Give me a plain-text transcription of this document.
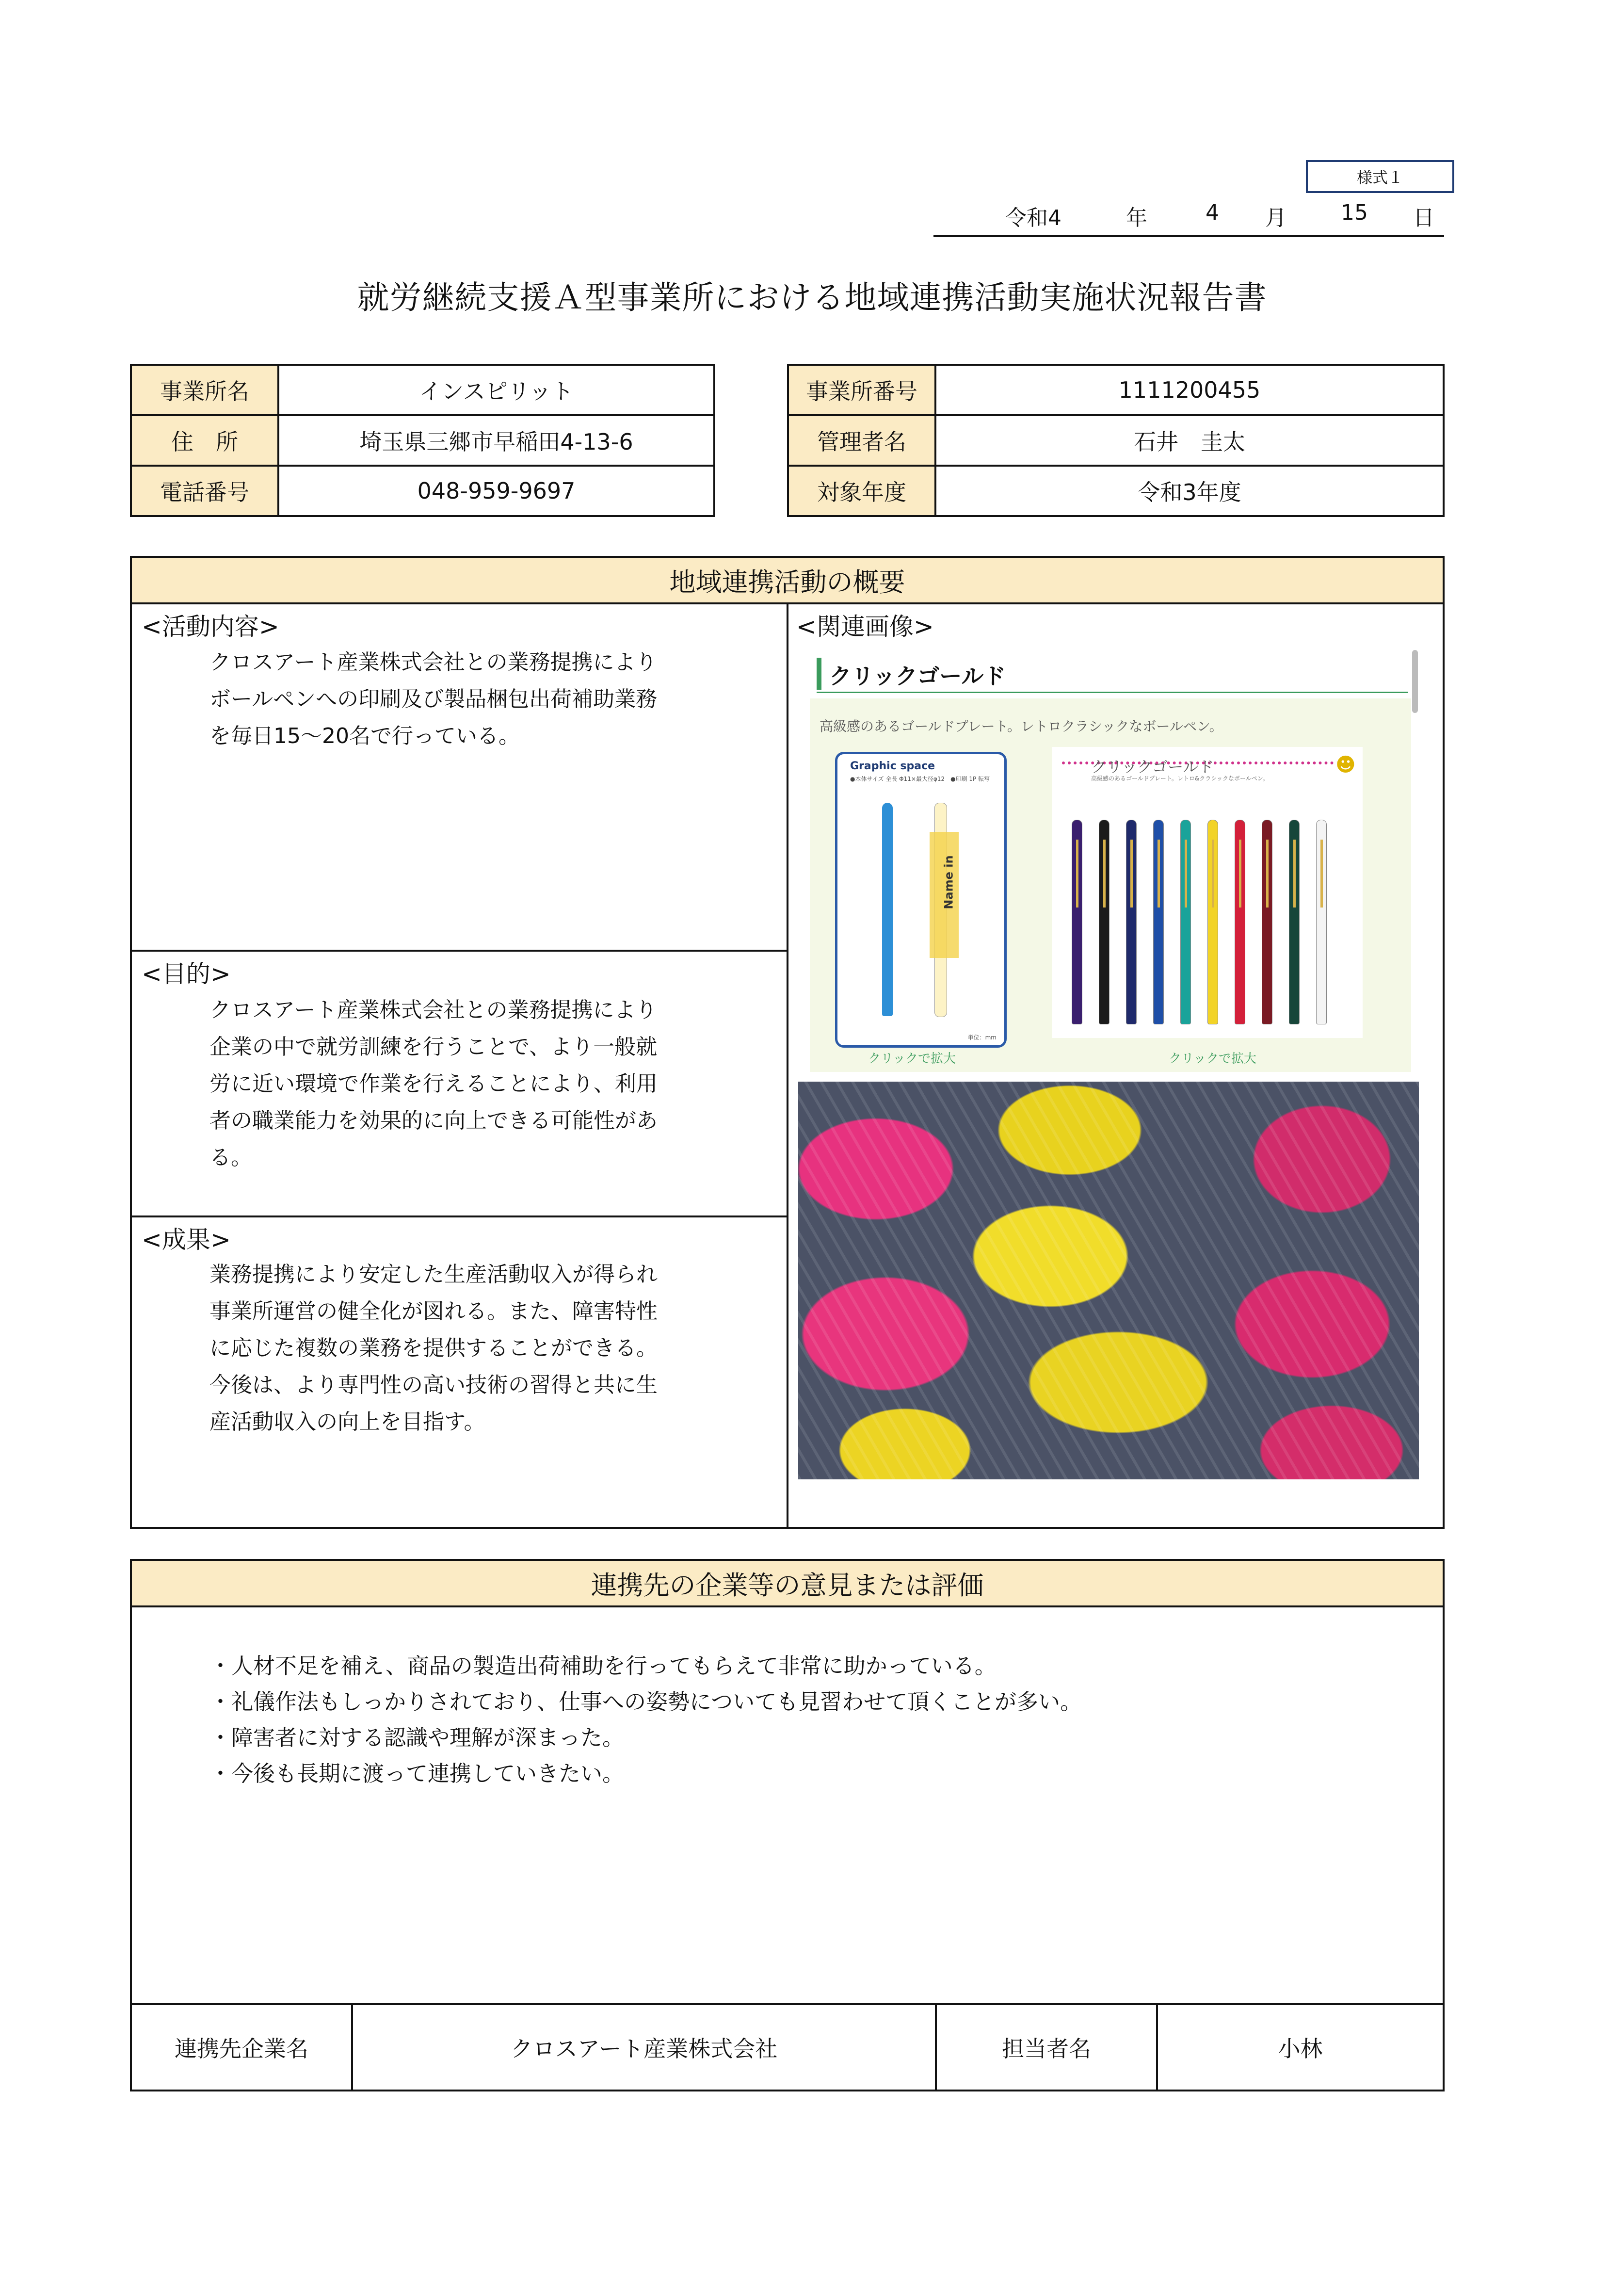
様式１
令和4	年	4 月	15 日
就労継続支援Ａ型事業所における地域連携活動実施状況報告書
事業所名	インスピリット
住　所	埼玉県三郷市早稲田4-13-6
電話番号	048-959-9697
事業所番号	1111200455
管理者名	石井　圭太
対象年度	令和3年度
地域連携活動の概要
<活動内容>
クロスアート産業株式会社との業務提携により
ボールペンへの印刷及び製品梱包出荷補助業務
を毎日15〜20名で行っている。
<目的>
クロスアート産業株式会社との業務提携により
企業の中で就労訓練を行うことで、より一般就
労に近い環境で作業を行えることにより、利用
者の職業能力を効果的に向上できる可能性があ
る。
<成果>
業務提携により安定した生産活動収入が得られ
事業所運営の健全化が図れる。また、障害特性
に応じた複数の業務を提供することができる。
今後は、より専門性の高い技術の習得と共に生
産活動収入の向上を目指す。
<関連画像>
クリックゴールド
高級感のあるゴールドプレート。レトロクラシックなボールペン。
Graphic space
●本体サイズ 全長 Φ11×最大径φ12　●印刷 1P 転写
Name in
単位：mm
クリックで拡大
クリックゴールド
高級感のあるゴールドプレート。レトロ&クラシックなボールペン。
☻
クリックで拡大
連携先の企業等の意見または評価
・人材不足を補え、商品の製造出荷補助を行ってもらえて非常に助かっている。
・礼儀作法もしっかりされており、仕事への姿勢についても見習わせて頂くことが多い。
・障害者に対する認識や理解が深まった。
・今後も長期に渡って連携していきたい。
連携先企業名	クロスアート産業株式会社	担当者名	小林
